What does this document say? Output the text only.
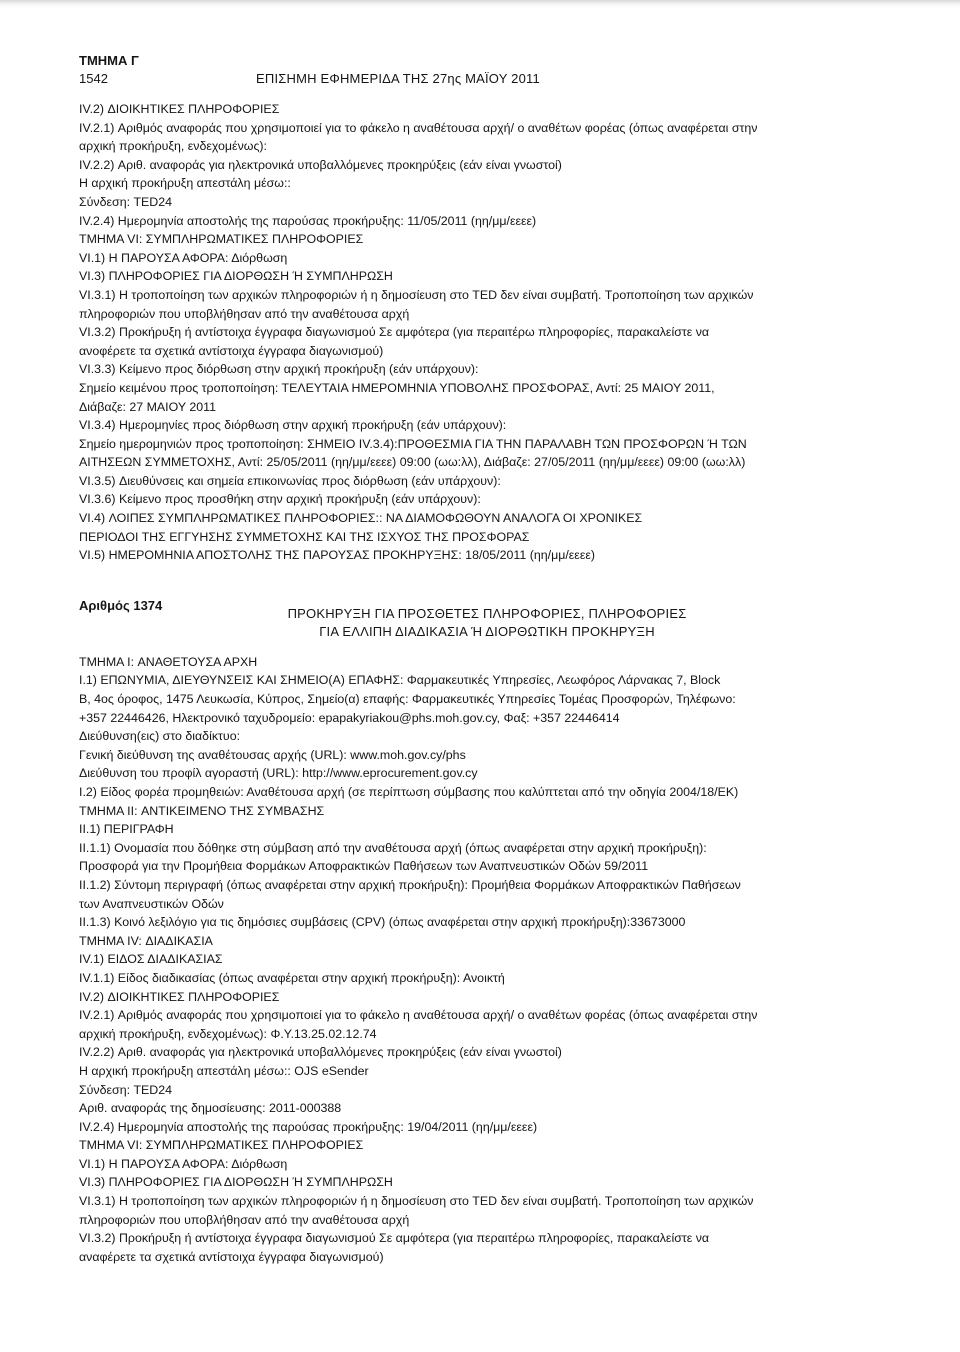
ΤΜΗΜΑ Γ
1542	ΕΠΙΣΗΜΗ ΕΦΗΜΕΡΙΔΑ ΤΗΣ 27ης ΜΑΪΟΥ 2011

IV.2) ΔΙΟΙΚΗΤΙΚΕΣ ΠΛΗΡΟΦΟΡΙΕΣ

IV.2.1) Αριθμός αναφοράς που χρησιμοποιεί για το φάκελο η αναθέτουσα αρχή/ ο αναθέτων φορέας (όπως αναφέρεται στην

αρχική προκήρυξη, ενδεχομένως):

IV.2.2) Αριθ. αναφοράς για ηλεκτρονικά υποβαλλόμενες προκηρύξεις (εάν είναι γνωστοί)

Η αρχική προκήρυξη απεστάλη μέσω::

Σύνδεση: TED24

IV.2.4) Ημερομηνία αποστολής της παρούσας προκήρυξης: 11/05/2011 (ηη/μμ/εεεε)

ΤΜΗΜΑ VI: ΣΥΜΠΛΗΡΩΜΑΤΙΚΕΣ ΠΛΗΡΟΦΟΡΙΕΣ

VI.1) Η ΠΑΡΟΥΣΑ ΑΦΟΡΑ: Διόρθωση

VI.3) ΠΛΗΡΟΦΟΡΙΕΣ ΓΙΑ ΔΙΟΡΘΩΣΗ Ή ΣΥΜΠΛΗΡΩΣΗ

VI.3.1) Η τροποποίηση των αρχικών πληροφοριών ή η δημοσίευση στο TED δεν είναι συμβατή. Τροποποίηση των αρχικών

πληροφοριών που υποβλήθησαν από την αναθέτουσα αρχή

VI.3.2) Προκήρυξη ή αντίστοιχα έγγραφα διαγωνισμού Σε αμφότερα (για περαιτέρω πληροφορίες, παρακαλείστε να

ανοφέρετε τα σχετικά αντίστοιχα έγγραφα διαγωνισμού)

VI.3.3) Κείμενο προς διόρθωση στην αρχική προκήρυξη (εάν υπάρχουν):

Σημείο κειμένου προς τροποποίηση: ΤΕΛΕΥΤΑΙΑ ΗΜΕΡΟΜΗΝΙΑ ΥΠΟΒΟΛΗΣ ΠΡΟΣΦΟΡΑΣ, Αντί: 25 ΜΑΙΟΥ 2011,

Διάβαζε: 27 ΜΑΙΟΥ 2011

VI.3.4) Ημερομηνίες προς διόρθωση στην αρχική προκήρυξη (εάν υπάρχουν):

Σημείο ημερομηνιών προς τροποποίηση: ΣΗΜΕΙΟ IV.3.4):ΠΡΟΘΕΣΜΙΑ ΓΙΑ ΤΗΝ ΠΑΡΑΛΑΒΗ ΤΩΝ ΠΡΟΣΦΟΡΩΝ Ή ΤΩΝ

ΑΙΤΗΣΕΩΝ ΣΥΜΜΕΤΟΧΗΣ, Αντί: 25/05/2011 (ηη/μμ/εεεε) 09:00 (ωω:λλ), Διάβαζε: 27/05/2011 (ηη/μμ/εεεε) 09:00 (ωω:λλ)

VI.3.5) Διευθύνσεις και σημεία επικοινωνίας προς διόρθωση (εάν υπάρχουν):

VI.3.6) Κείμενο προς προσθήκη στην αρχική προκήρυξη (εάν υπάρχουν):

VI.4) ΛΟΙΠΕΣ ΣΥΜΠΛΗΡΩΜΑΤΙΚΕΣ ΠΛΗΡΟΦΟΡΙΕΣ:: ΝΑ ΔΙΑΜΟΦΩΘΟΥΝ ΑΝΑΛΟΓΑ ΟΙ ΧΡΟΝΙΚΕΣ

ΠΕΡΙΟΔΟΙ ΤΗΣ ΕΓΓΥΗΣΗΣ ΣΥΜΜΕΤΟΧΗΣ ΚΑΙ ΤΗΣ ΙΣΧΥΟΣ ΤΗΣ ΠΡΟΣΦΟΡΑΣ

VI.5) ΗΜΕΡΟΜΗΝΙΑ ΑΠΟΣΤΟΛΗΣ ΤΗΣ ΠΑΡΟΥΣΑΣ ΠΡΟΚΗΡΥΞΗΣ: 18/05/2011 (ηη/μμ/εεεε)

Αριθμός 1374
ΠΡΟΚΗΡΥΞΗ ΓΙΑ ΠΡΟΣΘΕΤΕΣ ΠΛΗΡΟΦΟΡΙΕΣ, ΠΛΗΡΟΦΟΡΙΕΣ
ΓΙΑ ΕΛΛΙΠΗ ΔΙΑΔΙΚΑΣΙΑ Ή ΔΙΟΡΘΩΤΙΚΗ ΠΡΟΚΗΡΥΞΗ

ΤΜΗΜΑ I: ΑΝΑΘΕΤΟΥΣΑ ΑΡΧΗ

I.1) ΕΠΩΝΥΜΙΑ, ΔΙΕΥΘΥΝΣΕΙΣ ΚΑΙ ΣΗΜΕΙΟ(Α) ΕΠΑΦΗΣ: Φαρμακευτικές Υπηρεσίες, Λεωφόρος Λάρνακας 7, Block

Β, 4ος όροφος, 1475 Λευκωσία, Κύπρος, Σημείο(α) επαφής: Φαρμακευτικές Υπηρεσίες Τομέας Προσφορών, Τηλέφωνο:

+357 22446426, Ηλεκτρονικό ταχυδρομείο: epapakyriakou@phs.moh.gov.cy, Φαξ: +357 22446414

Διεύθυνση(εις) στο διαδίκτυο:

Γενική διεύθυνση της αναθέτουσας αρχής (URL): www.moh.gov.cy/phs

Διεύθυνση του προφίλ αγοραστή (URL): http://www.eprocurement.gov.cy

I.2) Είδος φορέα προμηθειών: Αναθέτουσα αρχή (σε περίπτωση σύμβασης που καλύπτεται από την οδηγία 2004/18/ΕΚ)

ΤΜΗΜΑ II: ΑΝΤΙΚΕΙΜΕΝΟ ΤΗΣ ΣΥΜΒΑΣΗΣ

II.1) ΠΕΡΙΓΡΑΦΗ

II.1.1) Ονομασία που δόθηκε στη σύμβαση από την αναθέτουσα αρχή (όπως αναφέρεται στην αρχική προκήρυξη):

Προσφορά για την Προμήθεια Φορμάκων Αποφρακτικών Παθήσεων των Αναπνευστικών Οδών 59/2011

II.1.2) Σύντομη περιγραφή (όπως αναφέρεται στην αρχική προκήρυξη): Προμήθεια Φορμάκων Αποφρακτικών Παθήσεων

των Αναπνευστικών Οδών

II.1.3) Κοινό λεξιλόγιο για τις δημόσιες συμβάσεις (CPV) (όπως αναφέρεται στην αρχική προκήρυξη):33673000

ΤΜΗΜΑ IV: ΔΙΑΔΙΚΑΣΙΑ

IV.1) ΕΙΔΟΣ ΔΙΑΔΙΚΑΣΙΑΣ

IV.1.1) Είδος διαδικασίας (όπως αναφέρεται στην αρχική προκήρυξη): Ανοικτή

IV.2) ΔΙΟΙΚΗΤΙΚΕΣ ΠΛΗΡΟΦΟΡΙΕΣ

IV.2.1) Αριθμός αναφοράς που χρησιμοποιεί για το φάκελο η αναθέτουσα αρχή/ ο αναθέτων φορέας (όπως αναφέρεται στην

αρχική προκήρυξη, ενδεχομένως): Φ.Υ.13.25.02.12.74

IV.2.2) Αριθ. αναφοράς για ηλεκτρονικά υποβαλλόμενες προκηρύξεις (εάν είναι γνωστοί)

Η αρχική προκήρυξη απεστάλη μέσω:: OJS eSender

Σύνδεση: TED24

Αριθ. αναφοράς της δημοσίευσης: 2011-000388

IV.2.4) Ημερομηνία αποστολής της παρούσας προκήρυξης: 19/04/2011 (ηη/μμ/εεεε)

ΤΜΗΜΑ VI: ΣΥΜΠΛΗΡΩΜΑΤΙΚΕΣ ΠΛΗΡΟΦΟΡΙΕΣ

VI.1) Η ΠΑΡΟΥΣΑ ΑΦΟΡΑ: Διόρθωση

VI.3) ΠΛΗΡΟΦΟΡΙΕΣ ΓΙΑ ΔΙΟΡΘΩΣΗ Ή ΣΥΜΠΛΗΡΩΣΗ

VI.3.1) Η τροποποίηση των αρχικών πληροφοριών ή η δημοσίευση στο TED δεν είναι συμβατή. Τροποποίηση των αρχικών

πληροφοριών που υποβλήθησαν από την αναθέτουσα αρχή

VI.3.2) Προκήρυξη ή αντίστοιχα έγγραφα διαγωνισμού Σε αμφότερα (για περαιτέρω πληροφορίες, παρακαλείστε να

αναφέρετε τα σχετικά αντίστοιχα έγγραφα διαγωνισμού)
